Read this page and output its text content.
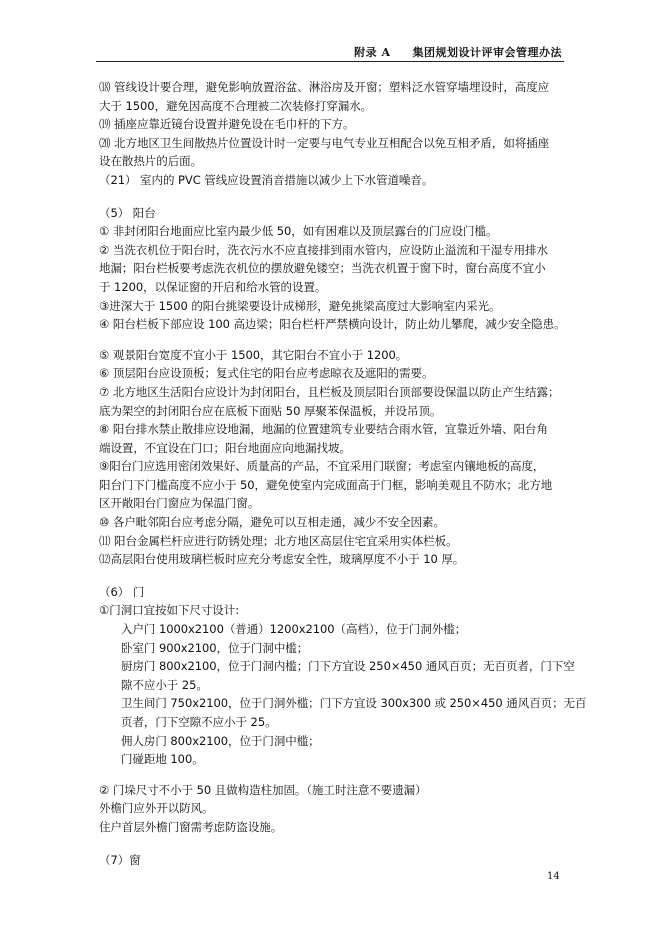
附录 A 集团规划设计评审会管理办法
⒅ 管线设计要合理，避免影响放置浴盆、淋浴房及开窗；塑料泛水管穿墙埋设时，高度应
大于 1500，避免因高度不合理被二次装修打穿漏水。
⒆ 插座应靠近镜台设置并避免设在毛巾杆的下方。
⒇ 北方地区卫生间散热片位置设计时一定要与电气专业互相配合以免互相矛盾，如将插座
设在散热片的后面。
（21） 室内的 PVC 管线应设置消音措施以减少上下水管道噪音。
（5） 阳台
① 非封闭阳台地面应比室内最少低 50，如有困难以及顶层露台的门应设门槛。
② 当洗衣机位于阳台时，洗衣污水不应直接排到雨水管内，应设防止溢流和干湿专用排水
地漏；阳台栏板要考虑洗衣机位的摆放避免镂空；当洗衣机置于窗下时，窗台高度不宜小
于 1200，以保证窗的开启和给水管的设置。
③进深大于 1500 的阳台挑梁要设计成梯形，避免挑梁高度过大影响室内采光。
④ 阳台栏板下部应设 100 高边梁；阳台栏杆严禁横向设计，防止幼儿攀爬，减少安全隐患。
⑤ 观景阳台宽度不宜小于 1500，其它阳台不宜小于 1200。
⑥ 顶层阳台应设顶板；复式住宅的阳台应考虑晾衣及遮阳的需要。
⑦ 北方地区生活阳台应设计为封闭阳台，且栏板及顶层阳台顶部要设保温以防止产生结露；
底为架空的封闭阳台应在底板下面贴 50 厚聚苯保温板，并设吊顶。
⑧ 阳台排水禁止散排应设地漏，地漏的位置建筑专业要结合雨水管，宜靠近外墙、阳台角
端设置，不宜设在门口；阳台地面应向地漏找坡。
⑨阳台门应选用密闭效果好、质量高的产品，不宜采用门联窗；考虑室内镶地板的高度，
阳台门下门槛高度不应小于 50，避免使室内完成面高于门框，影响美观且不防水；北方地
区开敞阳台门窗应为保温门窗。
⑩ 各户毗邻阳台应考虑分隔，避免可以互相走通，减少不安全因素。
⑾ 阳台金属栏杆应进行防锈处理；北方地区高层住宅宜采用实体栏板。
⑿高层阳台使用玻璃栏板时应充分考虑安全性，玻璃厚度不小于 10 厚。
（6） 门
①门洞口宜按如下尺寸设计:
入户门 1000x2100（普通）1200x2100（高档），位于门洞外槛；
卧室门 900x2100，位于门洞中槛；
厨房门 800x2100，位于门洞内槛；门下方宜设 250×450 通风百页；无百页者，门下空
隙不应小于 25。
卫生间门 750x2100，位于门洞外槛；门下方宜设 300x300 或 250×450 通风百页；无百
页者，门下空隙不应小于 25。
佣人房门 800x2100，位于门洞中槛；
门碰距地 100。
② 门垛尺寸不小于 50 且做构造柱加固。（施工时注意不要遗漏）
外檐门应外开以防风。
住户首层外檐门窗需考虑防盗设施。
（7）窗
14
